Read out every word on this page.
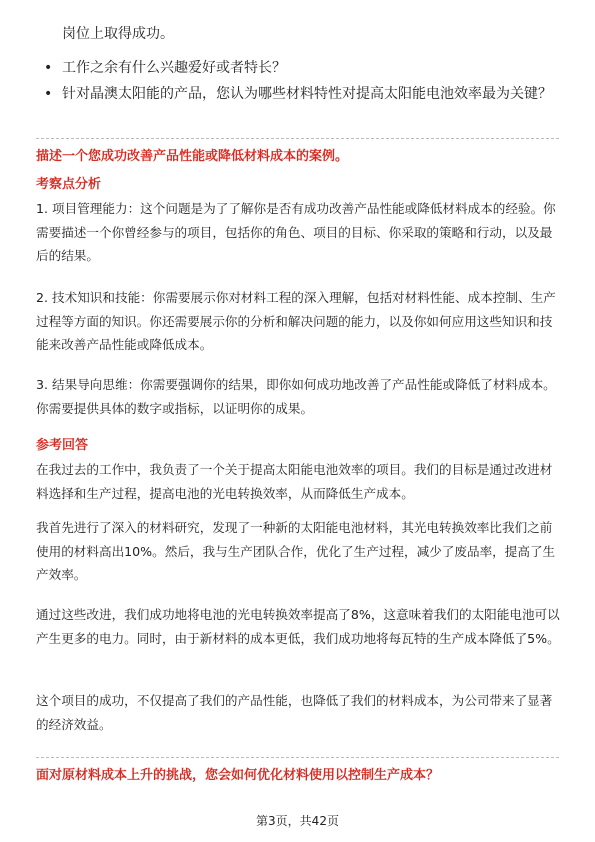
岗位上取得成功。
• 工作之余有什么兴趣爱好或者特长？
• 针对晶澳太阳能的产品，您认为哪些材料特性对提高太阳能电池效率最为关键？
描述一个您成功改善产品性能或降低材料成本的案例。
考察点分析
1. 项目管理能力：这个问题是为了了解你是否有成功改善产品性能或降低材料成本的经验。你需要描述一个你曾经参与的项目，包括你的角色、项目的目标、你采取的策略和行动，以及最后的结果。
2. 技术知识和技能：你需要展示你对材料工程的深入理解，包括对材料性能、成本控制、生产过程等方面的知识。你还需要展示你的分析和解决问题的能力，以及你如何应用这些知识和技能来改善产品性能或降低成本。
3. 结果导向思维：你需要强调你的结果，即你如何成功地改善了产品性能或降低了材料成本。你需要提供具体的数字或指标，以证明你的成果。
参考回答
在我过去的工作中，我负责了一个关于提高太阳能电池效率的项目。我们的目标是通过改进材料选择和生产过程，提高电池的光电转换效率，从而降低生产成本。
我首先进行了深入的材料研究，发现了一种新的太阳能电池材料，其光电转换效率比我们之前使用的材料高出10%。然后，我与生产团队合作，优化了生产过程，减少了废品率，提高了生产效率。
通过这些改进，我们成功地将电池的光电转换效率提高了8%，这意味着我们的太阳能电池可以产生更多的电力。同时，由于新材料的成本更低，我们成功地将每瓦特的生产成本降低了5%。
这个项目的成功，不仅提高了我们的产品性能，也降低了我们的材料成本，为公司带来了显著的经济效益。
面对原材料成本上升的挑战，您会如何优化材料使用以控制生产成本？
第3页，共42页
